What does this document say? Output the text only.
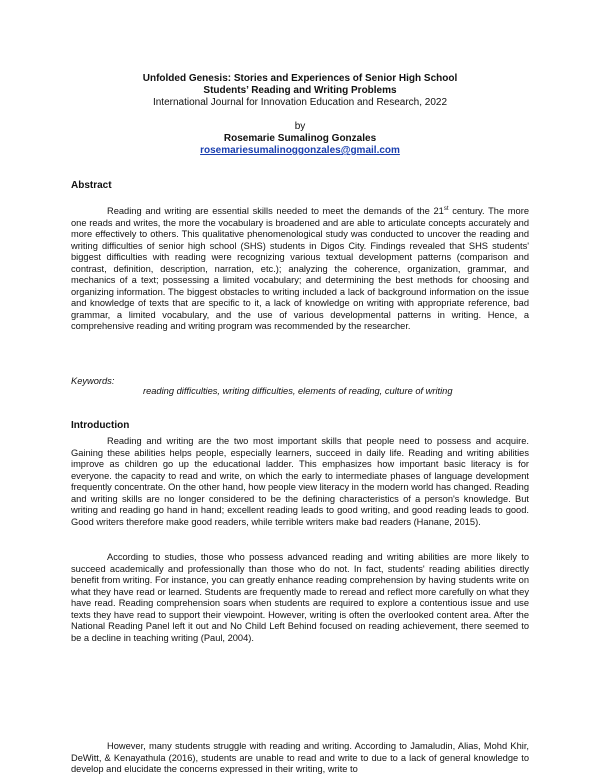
Unfolded Genesis: Stories and Experiences of Senior High School
Students’ Reading and Writing Problems
International Journal for Innovation Education and Research, 2022
by
Rosemarie Sumalinog Gonzales
rosemariesumalinoggonzales@gmail.com
Abstract

Reading and writing are essential skills needed to meet the demands of the 21st century. The more one reads and writes, the more the vocabulary is broadened and are able to articulate concepts accurately and more effectively to others. This qualitative phenomenological study was conducted to uncover the reading and writing difficulties of senior high school (SHS) students in Digos City. Findings revealed that SHS students' biggest difficulties with reading were recognizing various textual development patterns (comparison and contrast, definition, description, narration, etc.); analyzing the coherence, organization, grammar, and mechanics of a text; possessing a limited vocabulary; and determining the best methods for choosing and organizing information. The biggest obstacles to writing included a lack of background information on the issue and knowledge of texts that are specific to it, a lack of knowledge on writing with appropriate reference, bad grammar, a limited vocabulary, and the use of various developmental patterns in writing. Hence, a comprehensive reading and writing program was recommended by the researcher.

Keywords:
reading difficulties, writing difficulties, elements of reading, culture of writing
Introduction

Reading and writing are the two most important skills that people need to possess and acquire. Gaining these abilities helps people, especially learners, succeed in daily life. Reading and writing abilities improve as children go up the educational ladder. This emphasizes how important basic literacy is for everyone. the capacity to read and write, on which the early to intermediate phases of language development frequently concentrate. On the other hand, how people view literacy in the modern world has changed. Reading and writing skills are no longer considered to be the defining characteristics of a person's knowledge. But writing and reading go hand in hand; excellent reading leads to good writing, and good reading leads to good. Good writers therefore make good readers, while terrible writers make bad readers (Hanane, 2015).

According to studies, those who possess advanced reading and writing abilities are more likely to succeed academically and professionally than those who do not. In fact, students' reading abilities directly benefit from writing. For instance, you can greatly enhance reading comprehension by having students write on what they have read or learned. Students are frequently made to reread and reflect more carefully on what they have read. Reading comprehension soars when students are required to explore a contentious issue and use texts they have read to support their viewpoint. However, writing is often the overlooked content area. After the National Reading Panel left it out and No Child Left Behind focused on reading achievement, there seemed to be a decline in teaching writing (Paul, 2004).

However, many students struggle with reading and writing. According to Jamaludin, Alias, Mohd Khir, DeWitt, & Kenayathula (2016), students are unable to read and write to due to a lack of general knowledge to develop and elucidate the concerns expressed in their writing, write to
